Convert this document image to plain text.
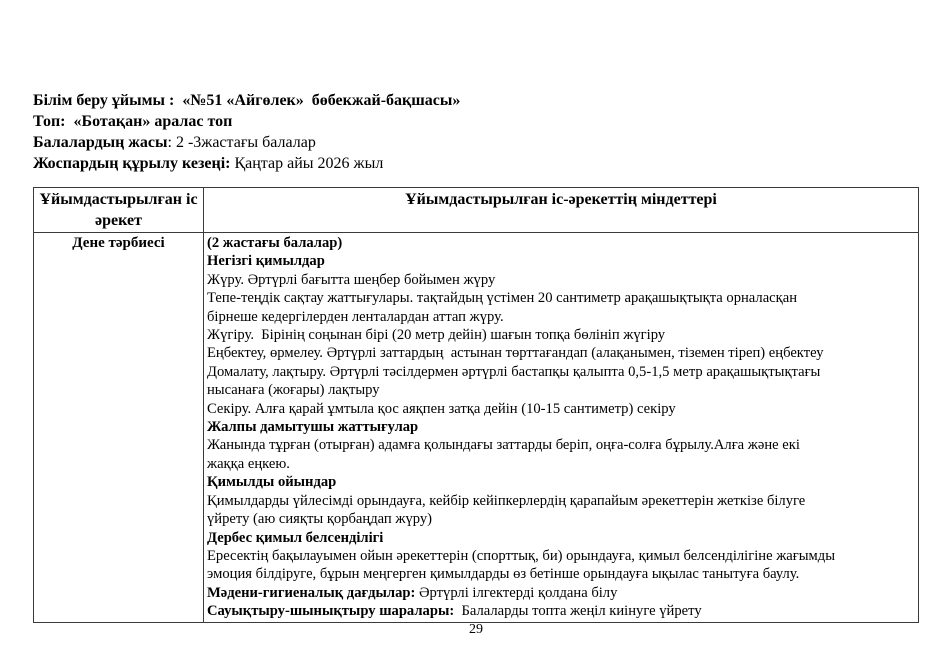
Білім беру ұйымы :  «№51 «Айгөлек»  бөбекжай-бақшасы»
Топ:  «Ботақан» аралас топ
Балалардың жасы: 2 -3жастағы балалар
Жоспардың құрылу кезеңі: Қаңтар айы 2026 жыл
Ұйымдастырылған іс әрекет	Ұйымдастырылған іс-әрекеттің міндеттері
Дене тәрбиесі	(2 жастағы балалар)
Негізгі қимылдар
Жүру. Әртүрлі бағытта шеңбер бойымен жүру
Тепе-теңдік сақтау жаттығулары. тақтайдың үстімен 20 сантиметр арақашықтықта орналасқан
бірнеше кедергілерден ленталардан аттап жүру.
Жүгіру.  Бірінің соңынан бірі (20 метр дейін) шағын топқа бөлініп жүгіру
Еңбектеу, өрмелеу. Әртүрлі заттардың  астынан төрттағандап (алақанымен, тіземен тіреп) еңбектеу
Домалату, лақтыру. Әртүрлі тәсілдермен әртүрлі бастапқы қалыпта 0,5-1,5 метр арақашықтықтағы
нысанаға (жоғары) лақтыру
Секіру. Алға қарай ұмтыла қос аяқпен затқа дейін (10-15 сантиметр) секіру
Жалпы дамытушы жаттығулар
Жанында тұрған (отырған) адамға қолындағы заттарды беріп, оңға-солға бұрылу.Алға және екі
жаққа еңкею.
Қимылды ойындар
Қимылдарды үйлесімді орындауға, кейбір кейіпкерлердің қарапайым әрекеттерін жеткізе білуге
үйрету (аю сияқты қорбаңдап жүру)
Дербес қимыл белсенділігі
Ересектің бақылауымен ойын әрекеттерін (спорттық, би) орындауға, қимыл белсенділігіне жағымды
эмоция білдіруге, бұрын меңгерген қимылдарды өз бетінше орындауға ықылас танытуға баулу.
Мәдени-гигиеналық дағдылар: Әртүрлі ілгектерді қолдана білу
Сауықтыру-шынықтыру шаралары:  Балаларды топта жеңіл киінуге үйрету
29
